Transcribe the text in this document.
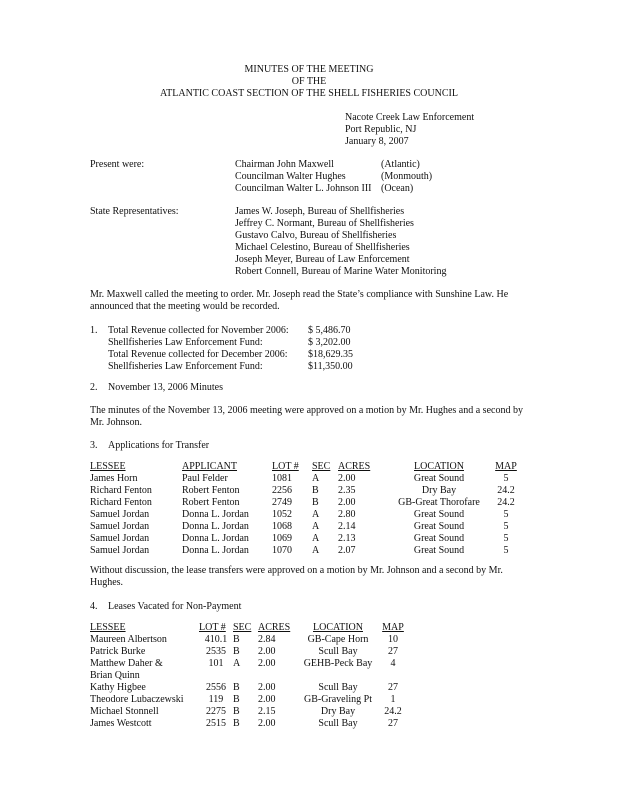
MINUTES OF THE MEETING
OF THE
ATLANTIC COAST SECTION OF THE SHELL FISHERIES COUNCIL
Nacote Creek Law Enforcement
Port Republic, NJ
January 8, 2007
Present were:	Chairman John Maxwell	(Atlantic)
Councilman Walter Hughes	(Monmouth)
Councilman Walter L. Johnson III (Ocean)
State Representatives:	James W. Joseph, Bureau of Shellfisheries
Jeffrey C. Normant, Bureau of Shellfisheries
Gustavo Calvo, Bureau of Shellfisheries
Michael Celestino, Bureau of Shellfisheries
Joseph Meyer, Bureau of Law Enforcement
Robert Connell, Bureau of Marine Water Monitoring
Mr. Maxwell called the meeting to order. Mr. Joseph read the State’s compliance with Sunshine Law. He announced that the meeting would be recorded.
1. Total Revenue collected for November 2006: $ 5,486.70
Shellfisheries Law Enforcement Fund:	$ 3,202.00
Total Revenue collected for December 2006: $18,629.35
Shellfisheries Law Enforcement Fund:	$11,350.00
2. November 13, 2006 Minutes
The minutes of the November 13, 2006 meeting were approved on a motion by Mr. Hughes and a second by Mr. Johnson.
3. Applications for Transfer
LESSEE	APPLICANT	LOT #	SEC	ACRES	LOCATION	MAP
James Horn	Paul Felder	1081	A	2.00	Great Sound	5
Richard Fenton	Robert Fenton	2256	B	2.35	Dry Bay	24.2
Richard Fenton	Robert Fenton	2749	B	2.00	GB-Great Thorofare	24.2
Samuel Jordan	Donna L. Jordan	1052	A	2.80	Great Sound	5
Samuel Jordan	Donna L. Jordan	1068	A	2.14	Great Sound	5
Samuel Jordan	Donna L. Jordan	1069	A	2.13	Great Sound	5
Samuel Jordan	Donna L. Jordan	1070	A	2.07	Great Sound	5
Without discussion, the lease transfers were approved on a motion by Mr. Johnson and a second by Mr. Hughes.
4. Leases Vacated for Non-Payment
LESSEE	LOT #	SEC	ACRES	LOCATION	MAP
Maureen Albertson	410.1	B	2.84	GB-Cape Horn	10
Patrick Burke	2535	B	2.00	Scull Bay	27
Matthew Daher &	101	A	2.00	GEHB-Peck Bay	4
Brian Quinn					
Kathy Higbee	2556	B	2.00	Scull Bay	27
Theodore Lubaczewski	119	B	2.00	GB-Graveling Pt	1
Michael Stonnell	2275	B	2.15	Dry Bay	24.2
James Westcott	2515	B	2.00	Scull Bay	27
